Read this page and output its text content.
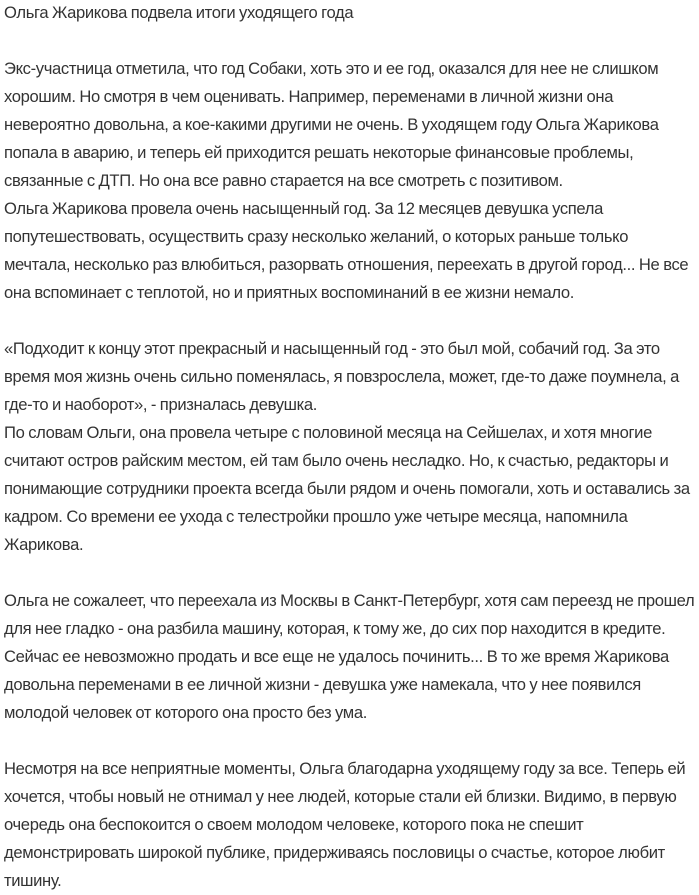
Ольга Жарикова подвела итоги уходящего года

Экс-участница отметила, что год Собаки, хоть это и ее год, оказался для нее не слишком хорошим. Но смотря в чем оценивать. Например, переменами в личной жизни она невероятно довольна, а кое-какими другими не очень. В уходящем году Ольга Жарикова попала в аварию, и теперь ей приходится решать некоторые финансовые проблемы, связанные с ДТП. Но она все равно старается на все смотреть с позитивом.

Ольга Жарикова провела очень насыщенный год. За 12 месяцев девушка успела попутешествовать, осуществить сразу несколько желаний, о которых раньше только мечтала, несколько раз влюбиться, разорвать отношения, переехать в другой город... Не все она вспоминает с теплотой, но и приятных воспоминаний в ее жизни немало.

«Подходит к концу этот прекрасный и насыщенный год - это был мой, собачий год. За это время моя жизнь очень сильно поменялась, я повзрослела, может, где-то даже поумнела, а где-то и наоборот», - призналась девушка.

По словам Ольги, она провела четыре с половиной месяца на Сейшелах, и хотя многие считают остров райским местом, ей там было очень несладко. Но, к счастью, редакторы и понимающие сотрудники проекта всегда были рядом и очень помогали, хоть и оставались за кадром. Со времени ее ухода с телестройки прошло уже четыре месяца, напомнила Жарикова.

Ольга не сожалеет, что переехала из Москвы в Санкт-Петербург, хотя сам переезд не прошел для нее гладко - она разбила машину, которая, к тому же, до сих пор находится в кредите. Сейчас ее невозможно продать и все еще не удалось починить... В то же время Жарикова довольна переменами в ее личной жизни - девушка уже намекала, что у нее появился молодой человек от которого она просто без ума.

Несмотря на все неприятные моменты, Ольга благодарна уходящему году за все. Теперь ей хочется, чтобы новый не отнимал у нее людей, которые стали ей близки. Видимо, в первую очередь она беспокоится о своем молодом человеке, которого пока не спешит демонстрировать широкой публике, придерживаясь пословицы о счастье, которое любит тишину.
